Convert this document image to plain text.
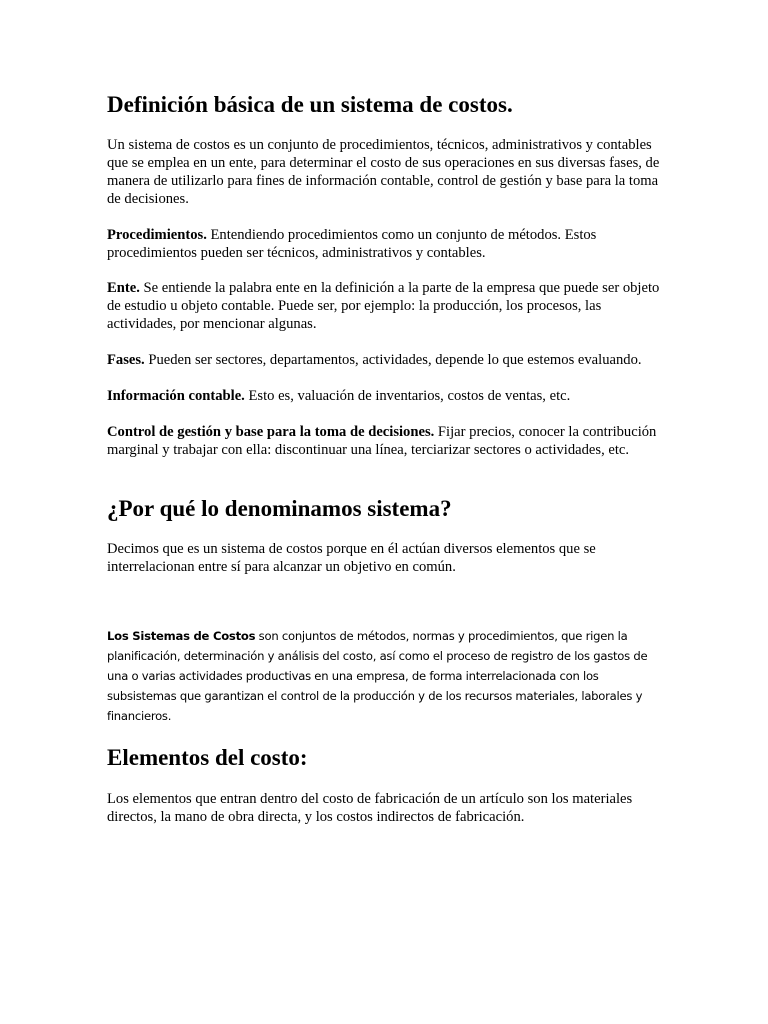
Definición básica de un sistema de costos.

Un sistema de costos es un conjunto de procedimientos, técnicos, administrativos y contables que se emplea en un ente, para determinar el costo de sus operaciones en sus diversas fases, de manera de utilizarlo para fines de información contable, control de gestión y base para la toma de decisiones.

Procedimientos. Entendiendo procedimientos como un conjunto de métodos. Estos procedimientos pueden ser técnicos, administrativos y contables.

Ente. Se entiende la palabra ente en la definición a la parte de la empresa que puede ser objeto de estudio u objeto contable. Puede ser, por ejemplo: la producción, los procesos, las actividades, por mencionar algunas.

Fases. Pueden ser sectores, departamentos, actividades, depende lo que estemos evaluando.

Información contable. Esto es, valuación de inventarios, costos de ventas, etc.

Control de gestión y base para la toma de decisiones. Fijar precios, conocer la contribución marginal y trabajar con ella: discontinuar una línea, terciarizar sectores o actividades, etc.

¿Por qué lo denominamos sistema?

Decimos que es un sistema de costos porque en él actúan diversos elementos que se interrelacionan entre sí para alcanzar un objetivo en común.

Los Sistemas de Costos son conjuntos de métodos, normas y procedimientos, que rigen la planificación, determinación y análisis del costo, así como el proceso de registro de los gastos de una o varias actividades productivas en una empresa, de forma interrelacionada con los subsistemas que garantizan el control de la producción y de los recursos materiales, laborales y financieros.

Elementos del costo:

Los elementos que entran dentro del costo de fabricación de un artículo son los materiales directos, la mano de obra directa, y los costos indirectos de fabricación.
